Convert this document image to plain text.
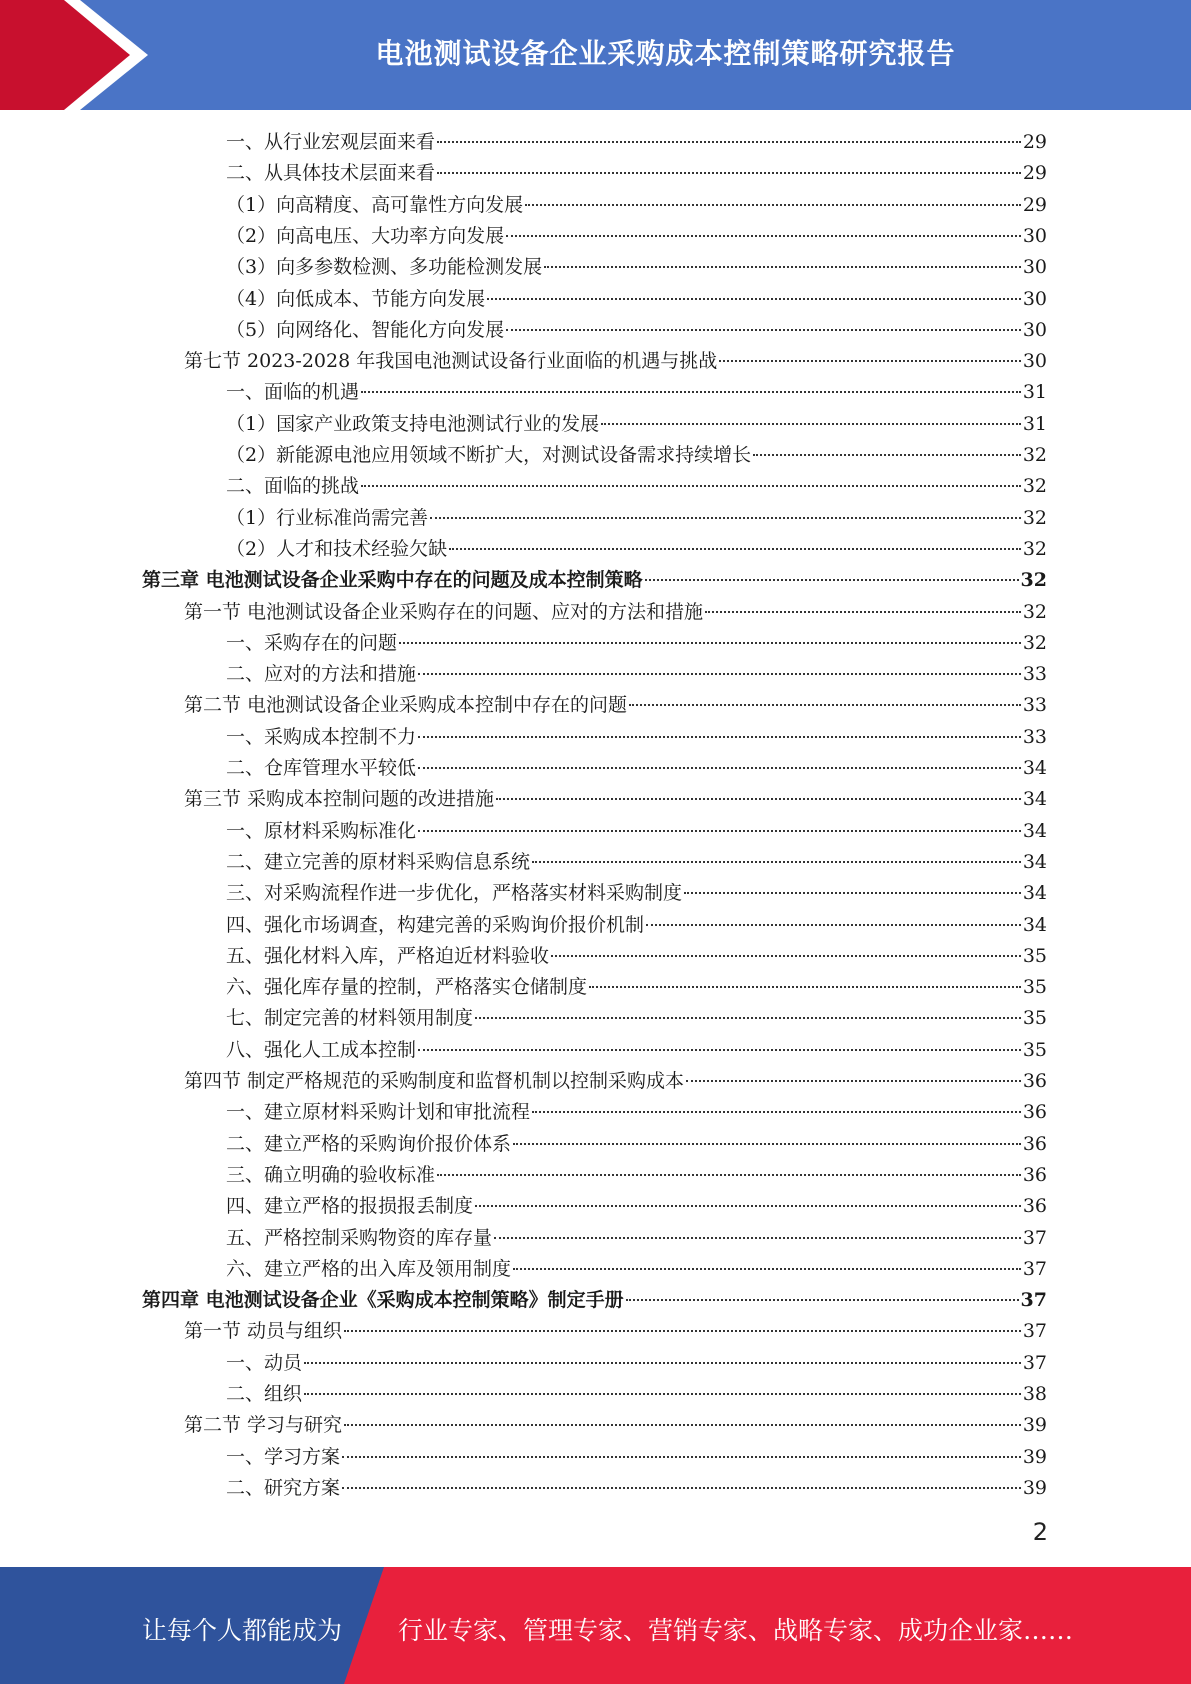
电池测试设备企业采购成本控制策略研究报告
一、从行业宏观层面来看	29
二、从具体技术层面来看	29
（1）向高精度、高可靠性方向发展	29
（2）向高电压、大功率方向发展	30
（3）向多参数检测、多功能检测发展	30
（4）向低成本、节能方向发展	30
（5）向网络化、智能化方向发展	30
第七节 2023-2028 年我国电池测试设备行业面临的机遇与挑战	30
一、面临的机遇	31
（1）国家产业政策支持电池测试行业的发展	31
（2）新能源电池应用领域不断扩大，对测试设备需求持续增长	32
二、面临的挑战	32
（1）行业标准尚需完善	32
（2）人才和技术经验欠缺	32
第三章 电池测试设备企业采购中存在的问题及成本控制策略	32
第一节 电池测试设备企业采购存在的问题、应对的方法和措施	32
一、采购存在的问题	32
二、应对的方法和措施	33
第二节 电池测试设备企业采购成本控制中存在的问题	33
一、采购成本控制不力	33
二、仓库管理水平较低	34
第三节 采购成本控制问题的改进措施	34
一、原材料采购标准化	34
二、建立完善的原材料采购信息系统	34
三、对采购流程作进一步优化，严格落实材料采购制度	34
四、强化市场调查，构建完善的采购询价报价机制	34
五、强化材料入库，严格迫近材料验收	35
六、强化库存量的控制，严格落实仓储制度	35
七、制定完善的材料领用制度	35
八、强化人工成本控制	35
第四节 制定严格规范的采购制度和监督机制以控制采购成本	36
一、建立原材料采购计划和审批流程	36
二、建立严格的采购询价报价体系	36
三、确立明确的验收标准	36
四、建立严格的报损报丢制度	36
五、严格控制采购物资的库存量	37
六、建立严格的出入库及领用制度	37
第四章 电池测试设备企业《采购成本控制策略》制定手册	37
第一节 动员与组织	37
一、动员	37
二、组织	38
第二节 学习与研究	39
一、学习方案	39
二、研究方案	39
2
让每个人都能成为 行业专家、管理专家、营销专家、战略专家、成功企业家……
